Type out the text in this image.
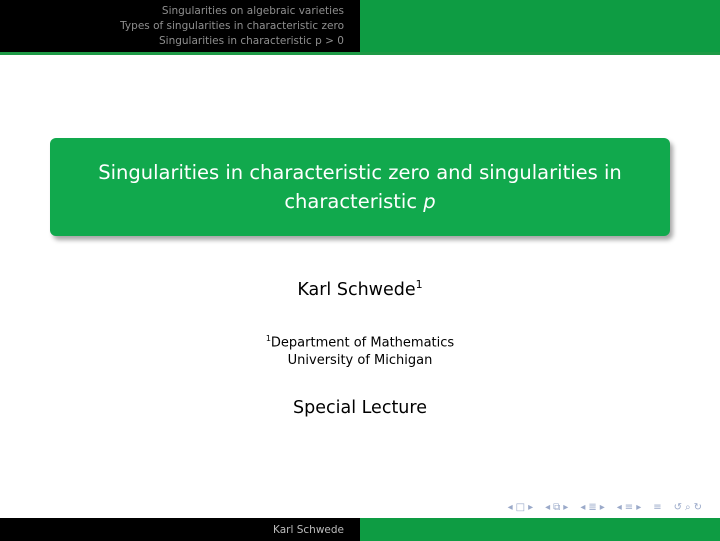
Singularities on algebraic varieties
Types of singularities in characteristic zero
Singularities in characteristic p > 0
Singularities in characteristic zero and singularities in
characteristic p
Karl Schwede$^1$
$^1$Department of Mathematics
University of Michigan
Special Lecture
◂ □ ▸ ◂ ⧉ ▸ ◂ ≣ ▸ ◂ ≡ ▸ ≡ ↺ ⌕ ↻
Karl Schwede
